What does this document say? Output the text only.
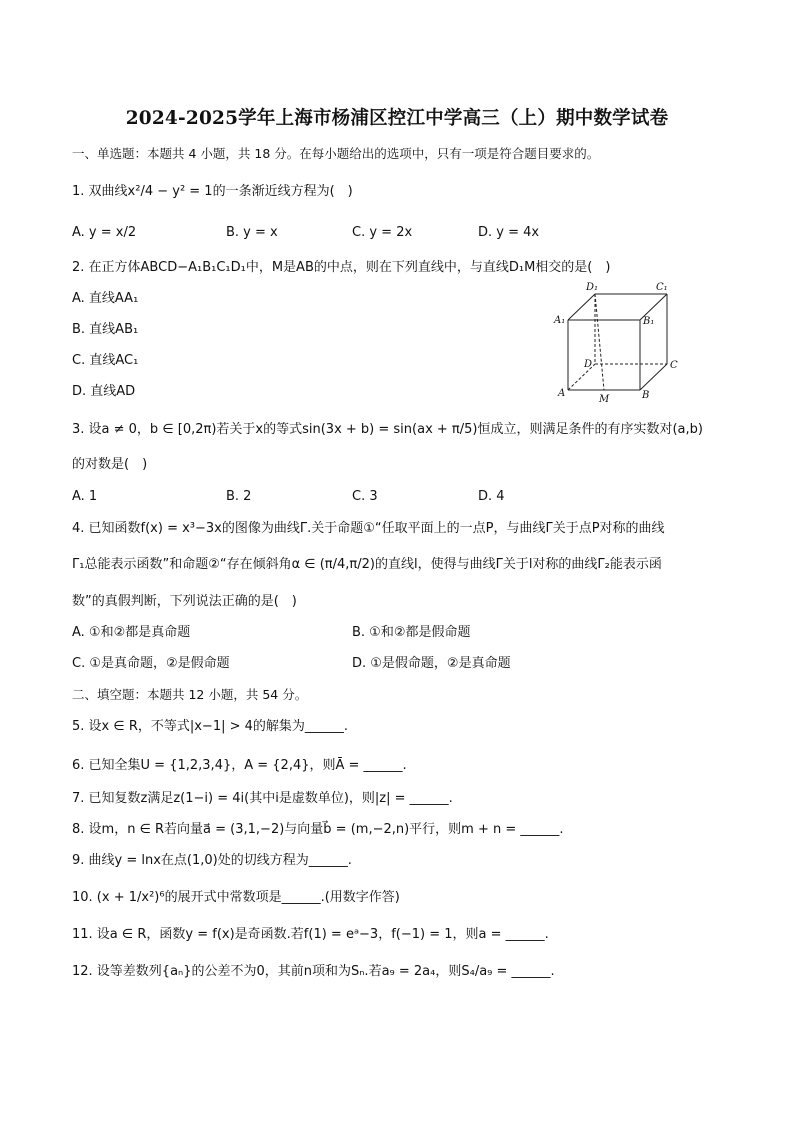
2024-2025学年上海市杨浦区控江中学高三（上）期中数学试卷
一、单选题：本题共 4 小题，共 18 分。在每小题给出的选项中，只有一项是符合题目要求的。
1. 双曲线x²/4 − y² = 1的一条渐近线方程为(　)
A. y = x/2	B. y = x	C. y = 2x	D. y = 4x
2. 在正方体ABCD−A₁B₁C₁D₁中，M是AB的中点，则在下列直线中，与直线D₁M相交的是(　)
A. 直线AA₁
B. 直线AB₁
C. 直线AC₁
D. 直线AD
D₁	C₁
A₁	B₁
D	C
A	B
M
3. 设a ≠ 0，b ∈ [0,2π)若关于x的等式sin(3x + b) = sin(ax + π/5)恒成立，则满足条件的有序实数对(a,b)
的对数是(　)
A. 1	B. 2	C. 3	D. 4
4. 已知函数f(x) = x³−3x的图像为曲线Γ.关于命题①“任取平面上的一点P，与曲线Γ关于点P对称的曲线
Γ₁总能表示函数”和命题②“存在倾斜角α ∈ (π/4,π/2)的直线l，使得与曲线Γ关于l对称的曲线Γ₂能表示函
数”的真假判断，下列说法正确的是(　)
A. ①和②都是真命题	B. ①和②都是假命题
C. ①是真命题，②是假命题	D. ①是假命题，②是真命题
二、填空题：本题共 12 小题，共 54 分。
5. 设x ∈ R，不等式|x−1| > 4的解集为______.
6. 已知全集U = {1,2,3,4}，A = {2,4}，则Ā = ______.
7. 已知复数z满足z(1−i) = 4i(其中i是虚数单位)，则|z| = ______.
8. 设m，n ∈ R若向量a⃗ = (3,1,−2)与向量b⃗ = (m,−2,n)平行，则m + n = ______.
9. 曲线y = lnx在点(1,0)处的切线方程为______.
10. (x + 1/x²)⁶的展开式中常数项是______.(用数字作答)
11. 设a ∈ R，函数y = f(x)是奇函数.若f(1) = eᵃ−3，f(−1) = 1，则a = ______.
12. 设等差数列{aₙ}的公差不为0，其前n项和为Sₙ.若a₉ = 2a₄，则S₄/a₉ = ______.
